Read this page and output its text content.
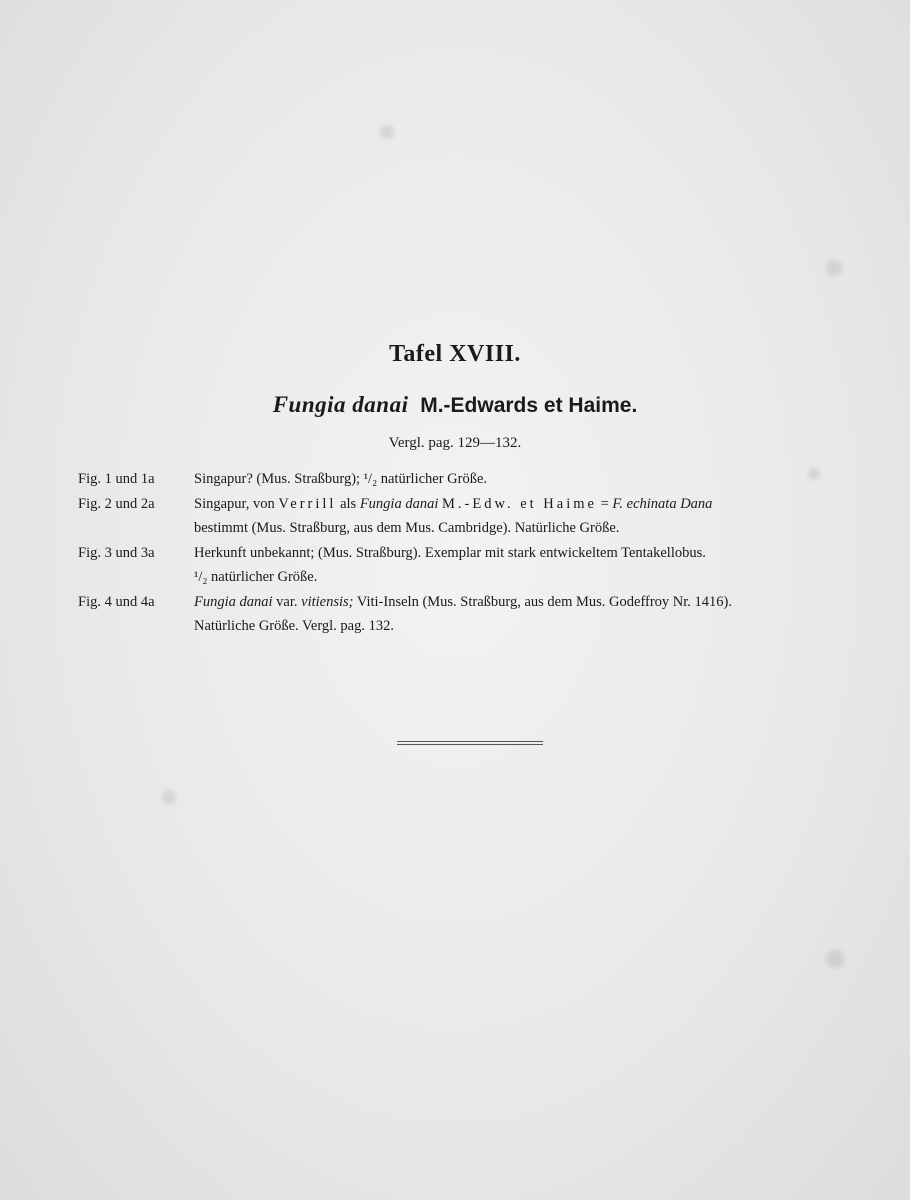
Tafel XVIII.
Fungia danai M.-Edwards et Haime.
Vergl. pag. 129—132.
Fig. 1 und 1a	Singapur? (Mus. Straßburg); ¹/₂ natürlicher Größe.
Fig. 2 und 2a	Singapur, von Verrill als Fungia danai M.-Edw. et Haime = F. echinata Dana
bestimmt (Mus. Straßburg, aus dem Mus. Cambridge). Natürliche Größe.
Fig. 3 und 3a	Herkunft unbekannt; (Mus. Straßburg). Exemplar mit stark entwickeltem Tentakellobus.
¹/₂ natürlicher Größe.
Fig. 4 und 4a	Fungia danai var. vitiensis; Viti-Inseln (Mus. Straßburg, aus dem Mus. Godeffroy Nr. 1416).
Natürliche Größe. Vergl. pag. 132.
